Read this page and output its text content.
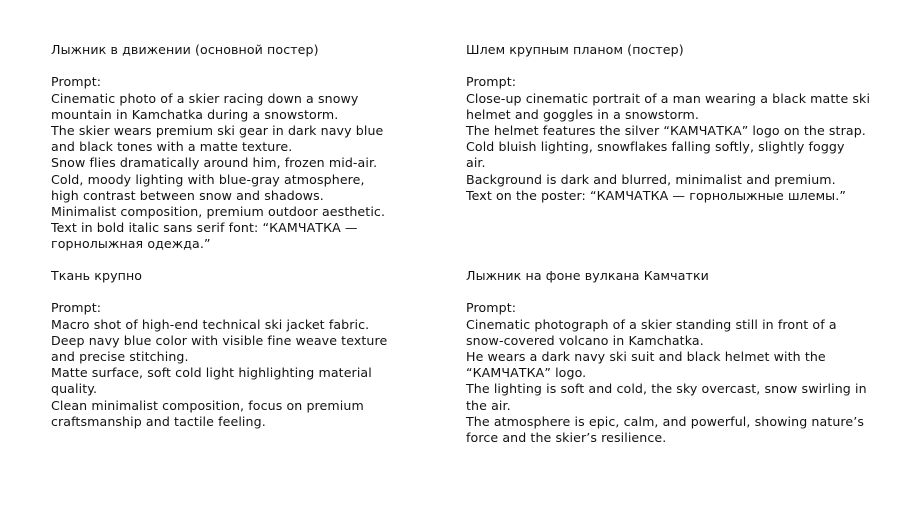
Лыжник в движении (основной постер)
Prompt:
Cinematic photo of a skier racing down a snowy
mountain in Kamchatka during a snowstorm.
The skier wears premium ski gear in dark navy blue
and black tones with a matte texture.
Snow flies dramatically around him, frozen mid-air.
Cold, moody lighting with blue-gray atmosphere,
high contrast between snow and shadows.
Minimalist composition, premium outdoor aesthetic.
Text in bold italic sans serif font: “КАМЧАТКА —
горнолыжная одежда.”
Шлем крупным планом (постер)
Prompt:
Close-up cinematic portrait of a man wearing a black matte ski
helmet and goggles in a snowstorm.
The helmet features the silver “КАМЧАТКА” logo on the strap.
Cold bluish lighting, snowflakes falling softly, slightly foggy
air.
Background is dark and blurred, minimalist and premium.
Text on the poster: “КАМЧАТКА — горнолыжные шлемы.”
Ткань крупно
Prompt:
Macro shot of high-end technical ski jacket fabric.
Deep navy blue color with visible fine weave texture
and precise stitching.
Matte surface, soft cold light highlighting material
quality.
Clean minimalist composition, focus on premium
craftsmanship and tactile feeling.
Лыжник на фоне вулкана Камчатки
Prompt:
Cinematic photograph of a skier standing still in front of a
snow-covered volcano in Kamchatka.
He wears a dark navy ski suit and black helmet with the
“КАМЧАТКА” logo.
The lighting is soft and cold, the sky overcast, snow swirling in
the air.
The atmosphere is epic, calm, and powerful, showing nature’s
force and the skier’s resilience.
